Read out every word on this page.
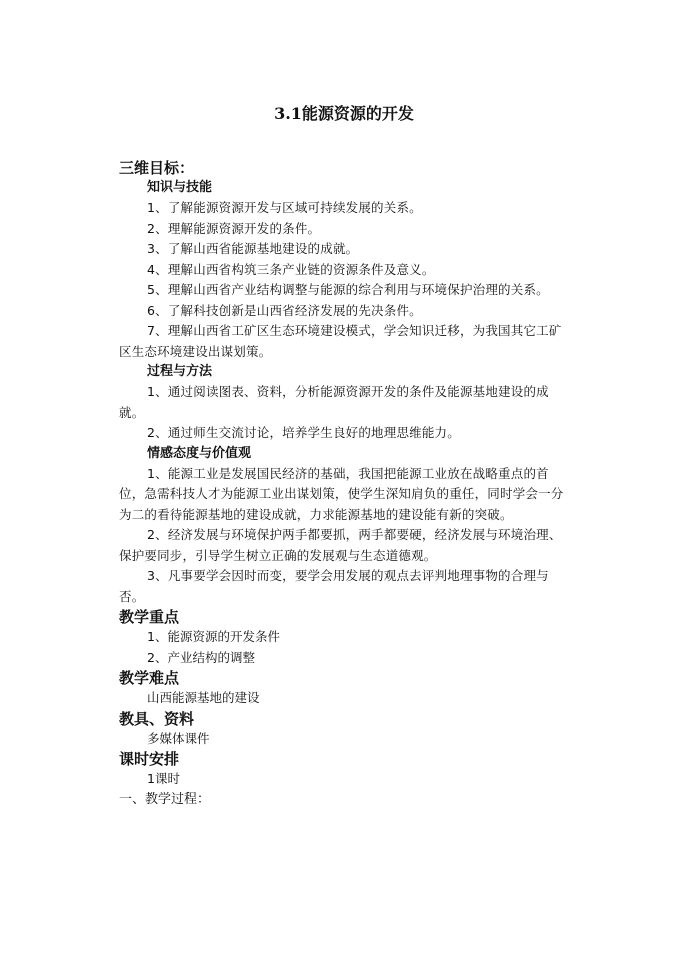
3.1能源资源的开发
三维目标：
知识与技能
1、了解能源资源开发与区域可持续发展的关系。
2、理解能源资源开发的条件。
3、了解山西省能源基地建设的成就。
4、理解山西省构筑三条产业链的资源条件及意义。
5、理解山西省产业结构调整与能源的综合利用与环境保护治理的关系。
6、了解科技创新是山西省经济发展的先决条件。
7、理解山西省工矿区生态环境建设模式，学会知识迁移，为我国其它工矿区生态环境建设出谋划策。
过程与方法
1、通过阅读图表、资料，分析能源资源开发的条件及能源基地建设的成就。
2、通过师生交流讨论，培养学生良好的地理思维能力。
情感态度与价值观
1、能源工业是发展国民经济的基础，我国把能源工业放在战略重点的首位，急需科技人才为能源工业出谋划策，使学生深知肩负的重任，同时学会一分为二的看待能源基地的建设成就，力求能源基地的建设能有新的突破。
2、经济发展与环境保护两手都要抓，两手都要硬，经济发展与环境治理、保护要同步，引导学生树立正确的发展观与生态道德观。
3、凡事要学会因时而变，要学会用发展的观点去评判地理事物的合理与否。
教学重点
1、能源资源的开发条件
2、产业结构的调整
教学难点
山西能源基地的建设
教具、资料
多媒体课件
课时安排
1课时
一、教学过程：
